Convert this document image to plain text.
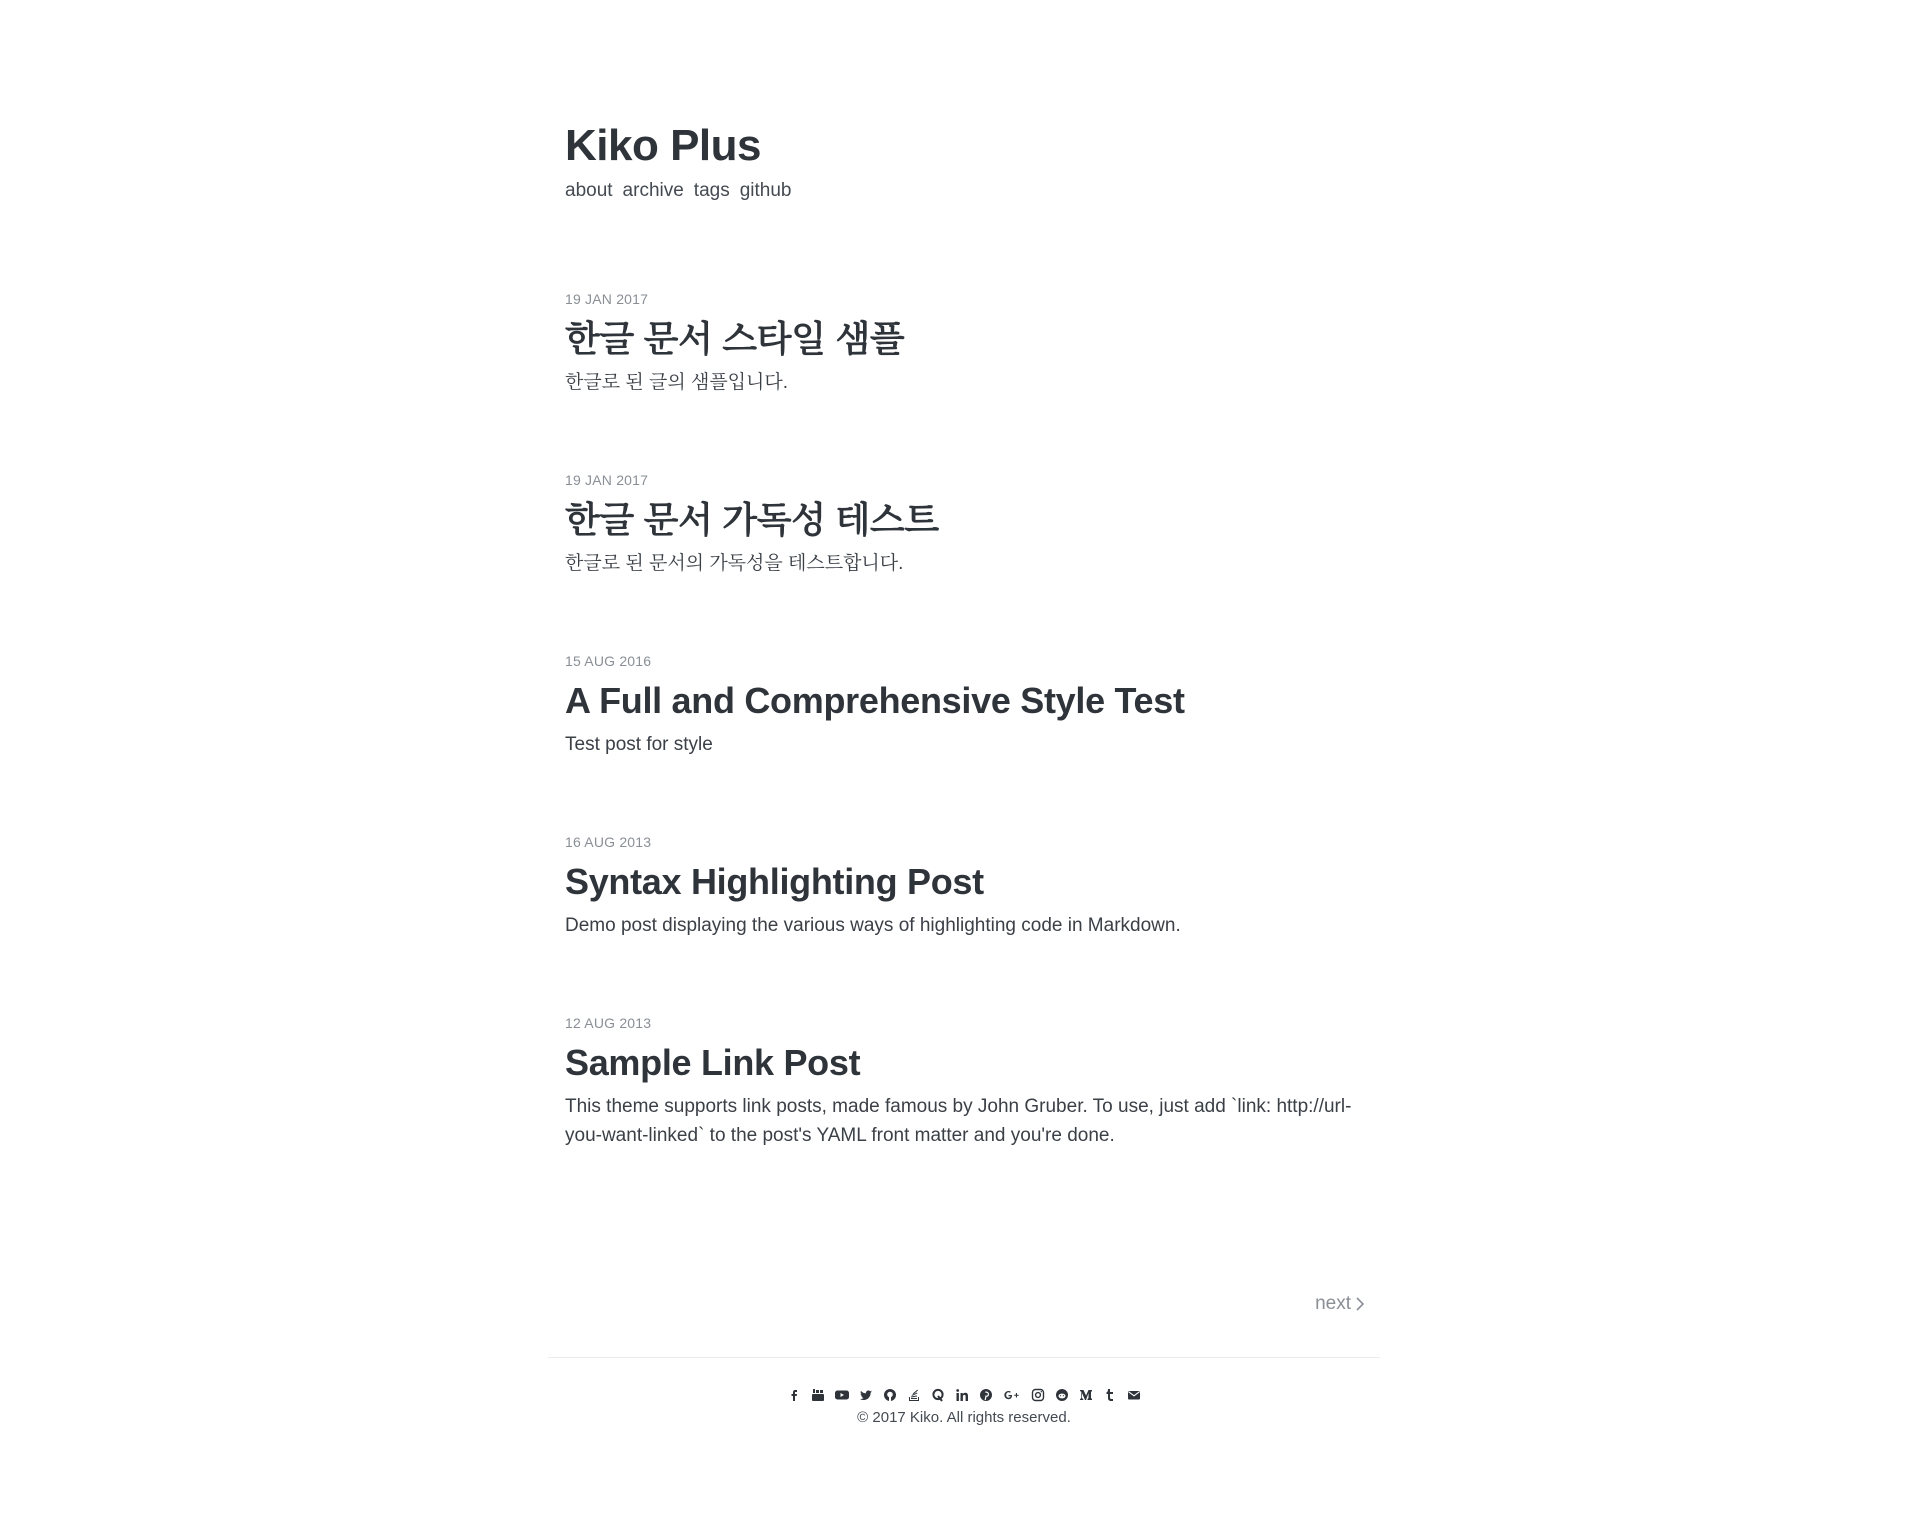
Kiko Plus
about archive tags github
19 JAN 2017
한글 문서 스타일 샘플
한글로 된 글의 샘플입니다.
19 JAN 2017
한글 문서 가독성 테스트
한글로 된 문서의 가독성을 테스트합니다.
15 AUG 2016
A Full and Comprehensive Style Test
Test post for style
16 AUG 2013
Syntax Highlighting Post
Demo post displaying the various ways of highlighting code in Markdown.
12 AUG 2013
Sample Link Post
This theme supports link posts, made famous by John Gruber. To use, just add `link: http://url-you-want-linked` to the post's YAML front matter and you're done.
next
© 2017 Kiko. All rights reserved.
